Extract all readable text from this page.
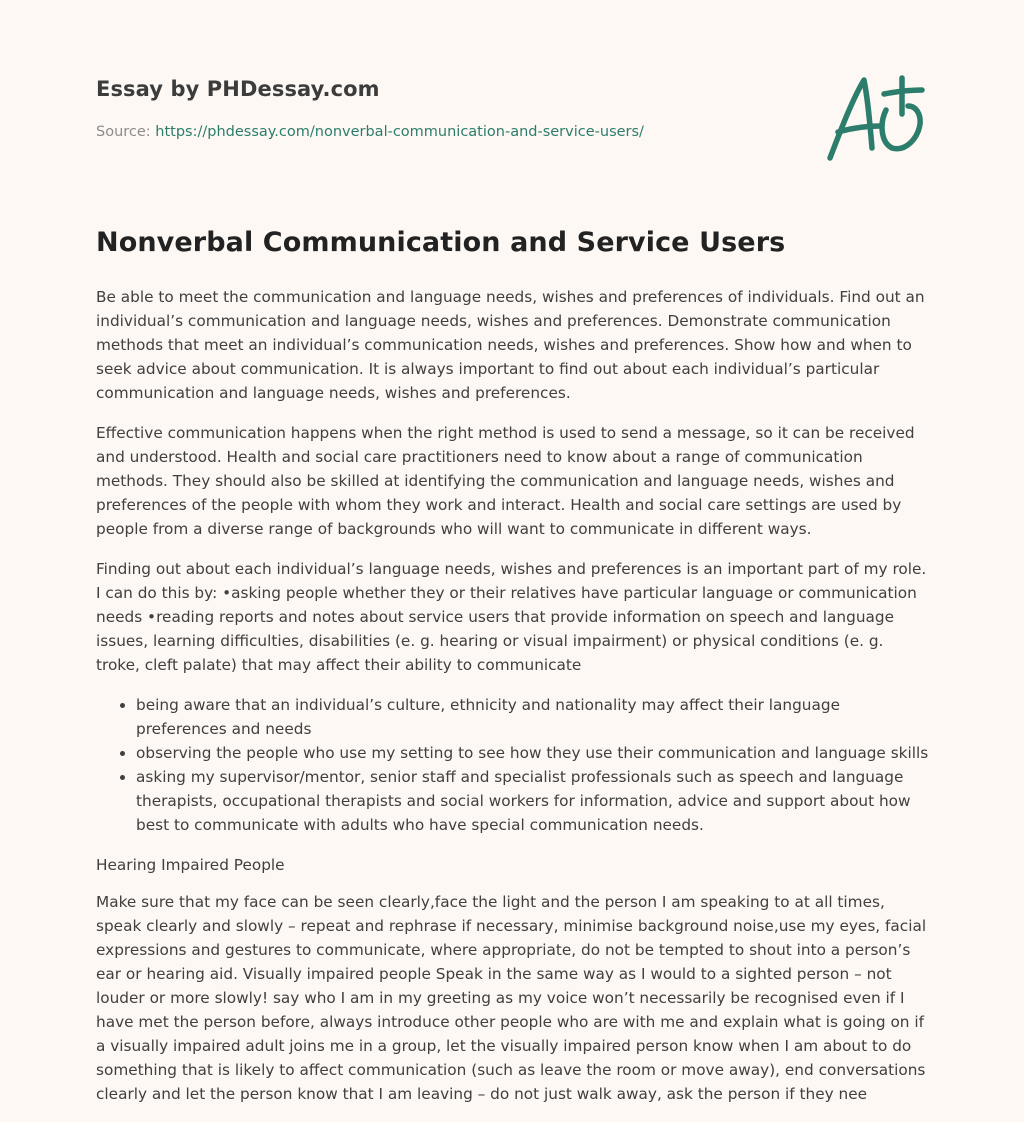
Essay by PHDessay.com
Source: https://phdessay.com/nonverbal-communication-and-service-users/
Nonverbal Communication and Service Users

Be able to meet the communication and language needs, wishes and preferences of individuals. Find out an individual’s communication and language needs, wishes and preferences. Demonstrate communication methods that meet an individual’s communication needs, wishes and preferences. Show how and when to seek advice about communication. It is always important to find out about each individual’s particular communication and language needs, wishes and preferences.

Effective communication happens when the right method is used to send a message, so it can be received and understood. Health and social care practitioners need to know about a range of communication methods. They should also be skilled at identifying the communication and language needs, wishes and preferences of the people with whom they work and interact. Health and social care settings are used by people from a diverse range of backgrounds who will want to communicate in different ways.

Finding out about each individual’s language needs, wishes and preferences is an important part of my role. I can do this by: •asking people whether they or their relatives have particular language or communication needs •reading reports and notes about service users that provide information on speech and language issues, learning difficulties, disabilities (e. g. hearing or visual impairment) or physical conditions (e. g. troke, cleft palate) that may affect their ability to communicate

• being aware that an individual’s culture, ethnicity and nationality may affect their language preferences and needs
• observing the people who use my setting to see how they use their communication and language skills
• asking my supervisor/mentor, senior staff and specialist professionals such as speech and language therapists, occupational therapists and social workers for information, advice and support about how best to communicate with adults who have special communication needs.

Hearing Impaired People

Make sure that my face can be seen clearly,face the light and the person I am speaking to at all times, speak clearly and slowly – repeat and rephrase if necessary, minimise background noise,use my eyes, facial expressions and gestures to communicate, where appropriate, do not be tempted to shout into a person’s ear or hearing aid. Visually impaired people Speak in the same way as I would to a sighted person – not louder or more slowly! say who I am in my greeting as my voice won’t necessarily be recognised even if I have met the person before, always introduce other people who are with me and explain what is going on if a visually impaired adult joins me in a group, let the visually impaired person know when I am about to do something that is likely to affect communication (such as leave the room or move away), end conversations clearly and let the person know that I am leaving – do not just walk away, ask the person if they nee
